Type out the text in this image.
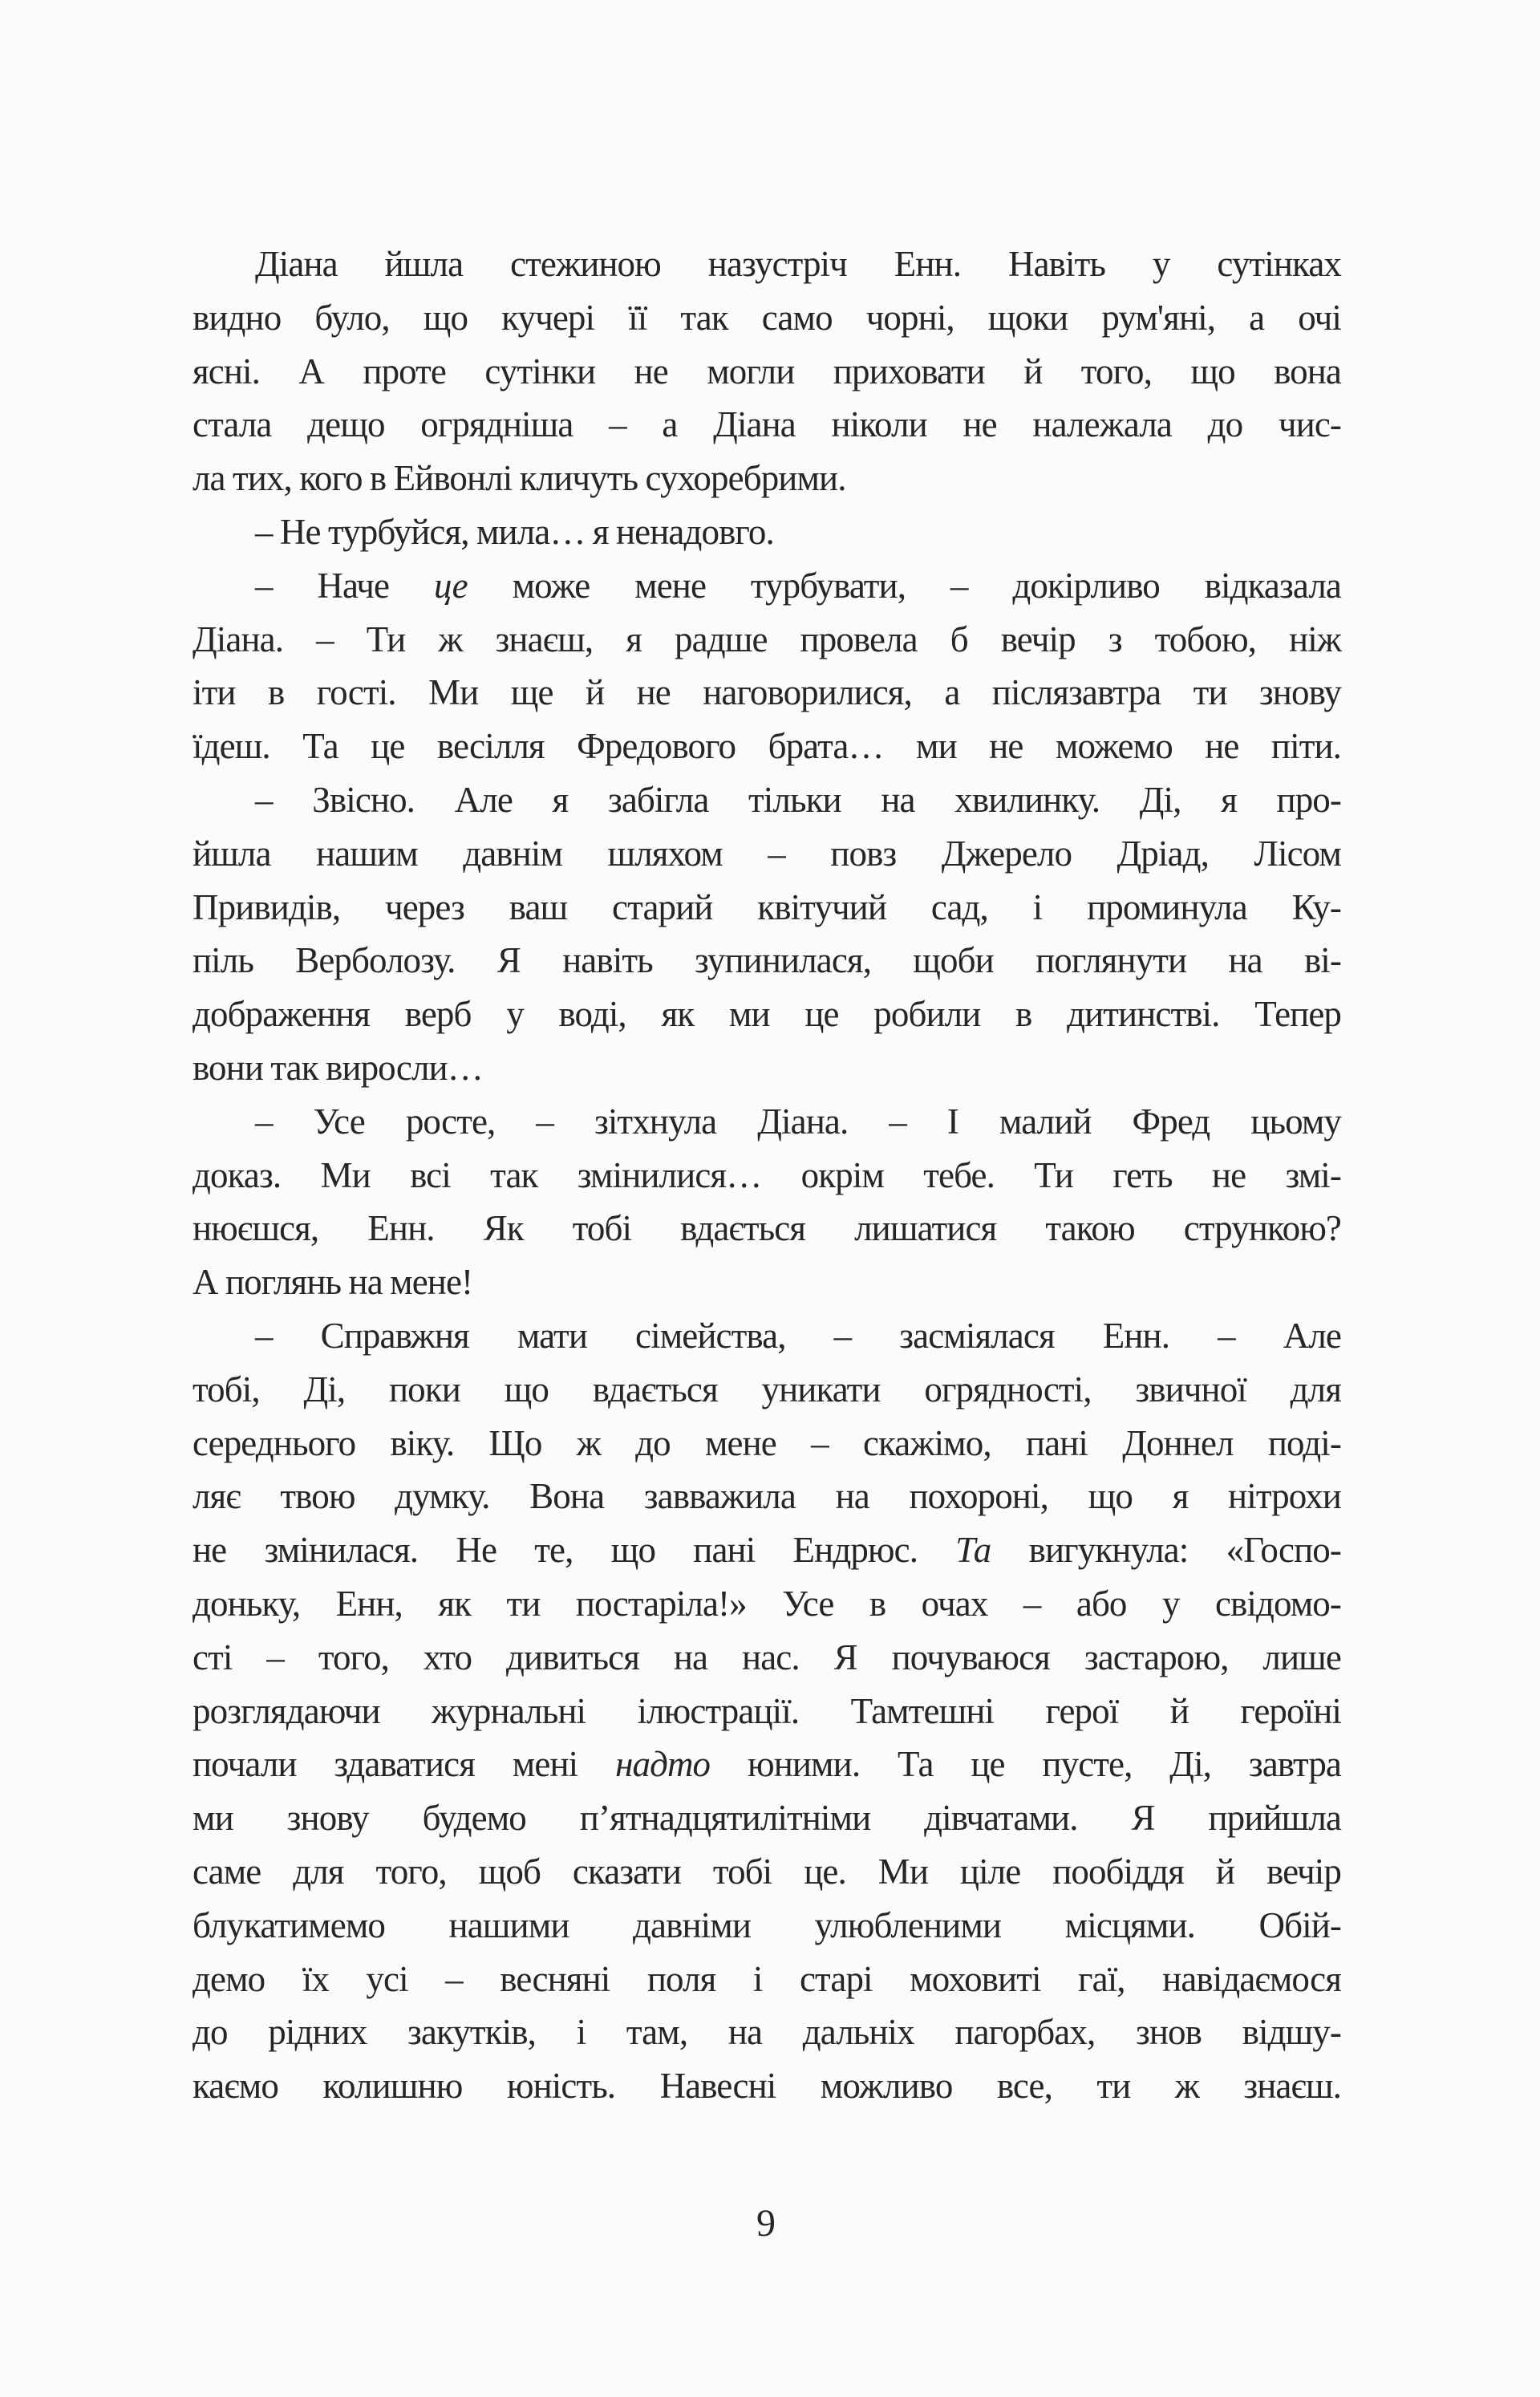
Діана йшла стежиною назустріч Енн. Навіть у сутінках
видно було, що кучері її так само чорні, щоки рум'яні, а очі
ясні. А проте сутінки не могли приховати й того, що вона
стала дещо огрядніша – а Діана ніколи не належала до чис-
ла тих, кого в Ейвонлі кличуть сухоребрими.
– Не турбуйся, мила… я ненадовго.
– Наче це може мене турбувати, – докірливо відказала
Діана. – Ти ж знаєш, я радше провела б вечір з тобою, ніж
іти в гості. Ми ще й не наговорилися, а післязавтра ти знову
їдеш. Та це весілля Фредового брата… ми не можемо не піти.
– Звісно. Але я забігла тільки на хвилинку. Ді, я про-
йшла нашим давнім шляхом – повз Джерело Дріад, Лісом
Привидів, через ваш старий квітучий сад, і проминула Ку-
піль Верболозу. Я навіть зупинилася, щоби поглянути на ві-
дображення верб у воді, як ми це робили в дитинстві. Тепер
вони так виросли…
– Усе росте, – зітхнула Діана. – І малий Фред цьому
доказ. Ми всі так змінилися… окрім тебе. Ти геть не змі-
нюєшся, Енн. Як тобі вдається лишатися такою стрункою?
А поглянь на мене!
– Справжня мати сімейства, – засміялася Енн. – Але
тобі, Ді, поки що вдається уникати огрядності, звичної для
середнього віку. Що ж до мене – скажімо, пані Доннел поді-
ляє твою думку. Вона завважила на похороні, що я нітрохи
не змінилася. Не те, що пані Ендрюс. Та вигукнула: «Госпо-
доньку, Енн, як ти постаріла!» Усе в очах – або у свідомо-
сті – того, хто дивиться на нас. Я почуваюся застарою, лише
розглядаючи журнальні ілюстрації. Тамтешні герої й героїні
почали здаватися мені надто юними. Та це пусте, Ді, завтра
ми знову будемо п’ятнадцятилітніми дівчатами. Я прийшла
саме для того, щоб сказати тобі це. Ми ціле пообіддя й вечір
блукатимемо нашими давніми улюбленими місцями. Обій-
демо їх усі – весняні поля і старі моховиті гаї, навідаємося
до рідних закутків, і там, на дальніх пагорбах, знов відшу-
каємо колишню юність. Навесні можливо все, ти ж знаєш.
9
